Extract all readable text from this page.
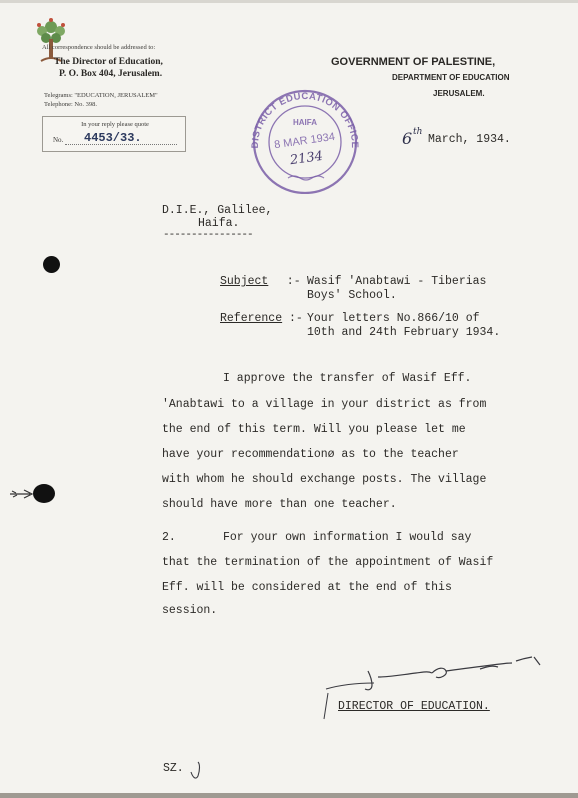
All correspondence should be addressed to:
The Director of Education,
P. O. Box 404, Jerusalem.
Telegrams: "EDUCATION, JERUSALEM"
Telephone: No. 398.
In your reply please quote
No. 4453/33.
GOVERNMENT OF PALESTINE,
DEPARTMENT OF EDUCATION
JERUSALEM.
DISTRICT EDUCATION OFFICE
HAIFA
8 MAR 1934
2134
6 th
March, 1934.
D.I.E., Galilee,
Haifa.
----------------
Subject :- Wasif 'Anabtawi - Tiberias
Boys' School.
Reference :- Your letters No.866/10 of
10th and 24th February 1934.
I approve the transfer of Wasif Eff.
'Anabtawi to a village in your district as from
the end of this term. Will you please let me
have your recommendationø as to the teacher
with whom he should exchange posts. The village
should have more than one teacher.
2.	For your own information I would say
that the termination of the appointment of Wasif
Eff. will be considered at the end of this
session.
DIRECTOR OF EDUCATION.
SZ.
